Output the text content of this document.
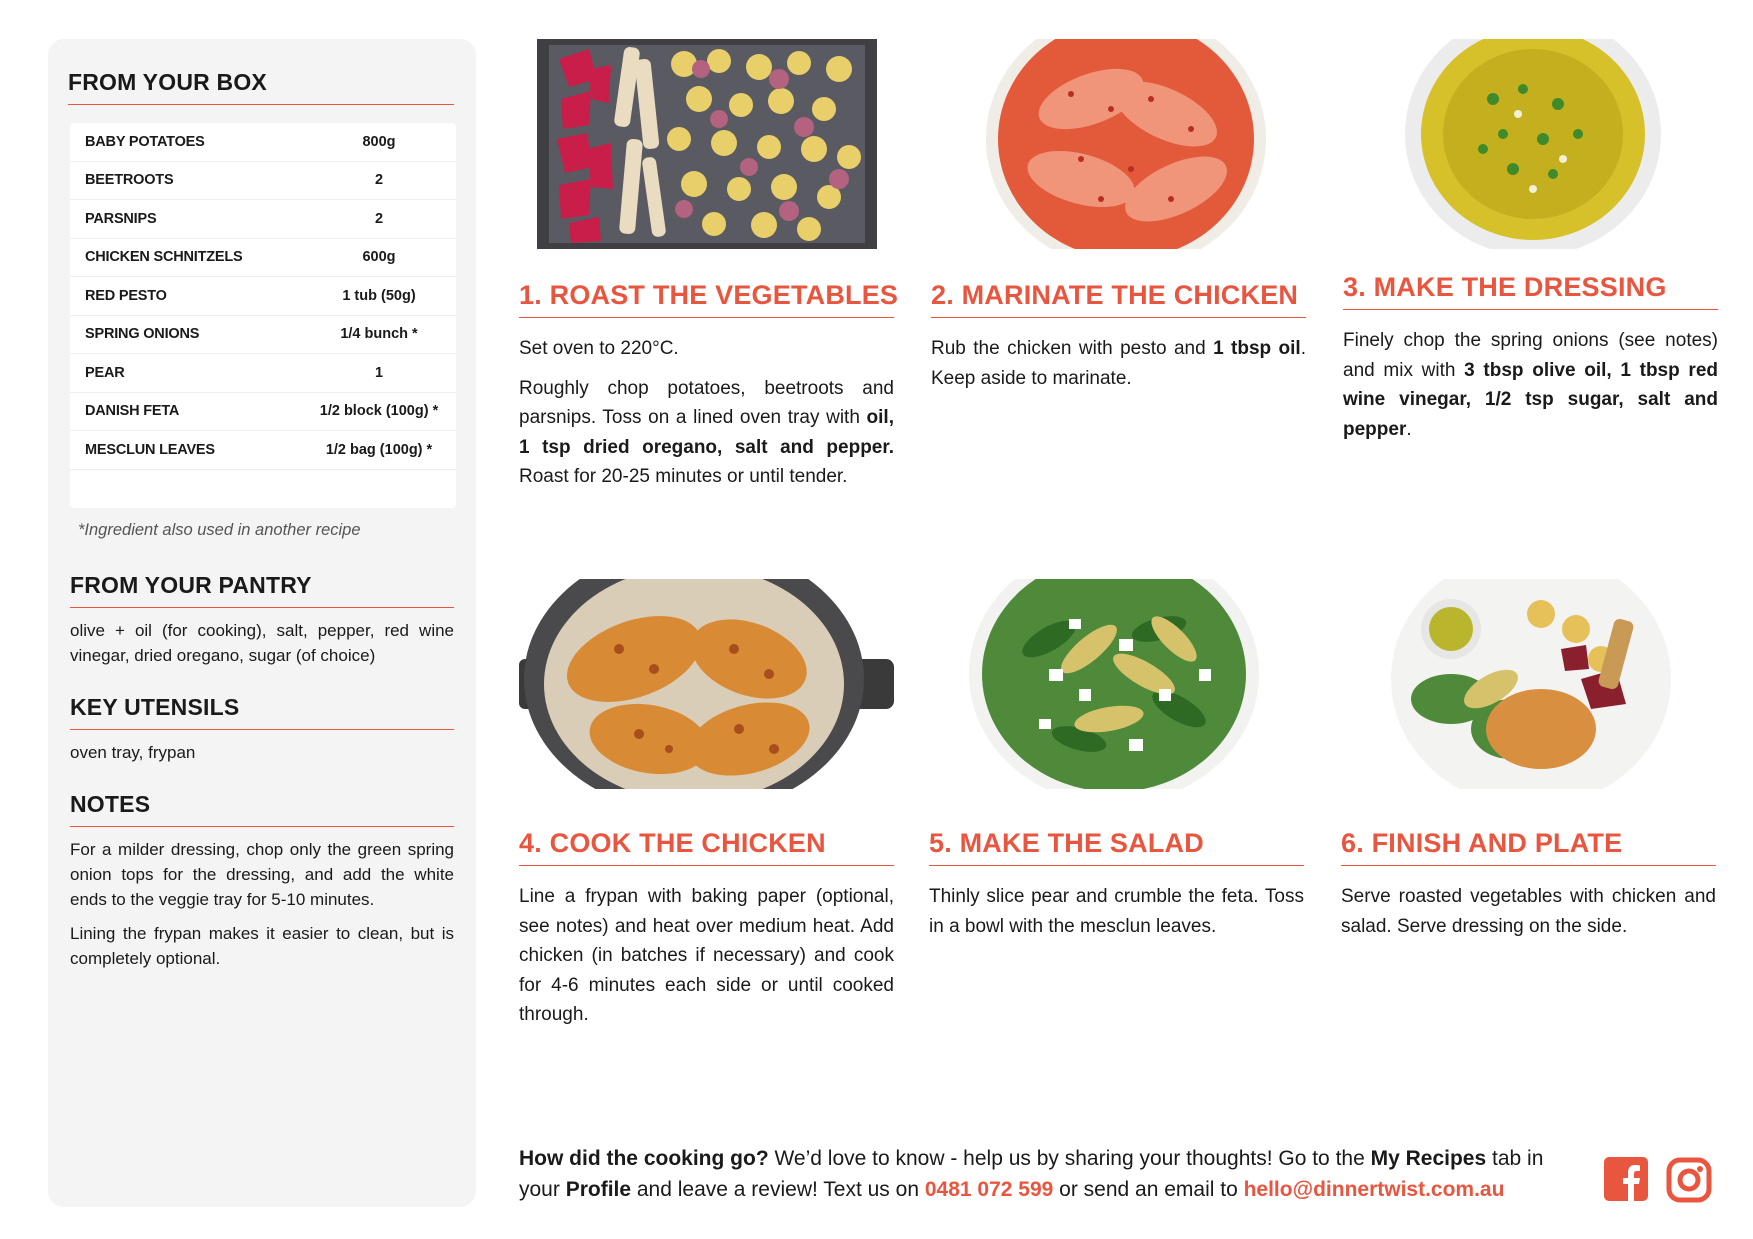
FROM YOUR BOX
BABY POTATOES	800g
BEETROOTS	2
PARSNIPS	2
CHICKEN SCHNITZELS	600g
RED PESTO	1 tub (50g)
SPRING ONIONS	1/4 bunch *
PEAR	1
DANISH FETA	1/2 block (100g) *
MESCLUN LEAVES	1/2 bag (100g) *
*Ingredient also used in another recipe
FROM YOUR PANTRY

olive + oil (for cooking), salt, pepper, red wine vinegar, dried oregano, sugar (of choice)

KEY UTENSILS

oven tray, frypan

NOTES

For a milder dressing, chop only the green spring onion tops for the dressing, and add the white ends to the veggie tray for 5-10 minutes.

Lining the frypan makes it easier to clean, but is completely optional.

1. ROAST THE VEGETABLES

Set oven to 220°C.

Roughly chop potatoes, beetroots and parsnips. Toss on a lined oven tray with oil, 1 tsp dried oregano, salt and pepper. Roast for 20-25 minutes or until tender.

2. MARINATE THE CHICKEN

Rub the chicken with pesto and 1 tbsp oil. Keep aside to marinate.

3. MAKE THE DRESSING

Finely chop the spring onions (see notes) and mix with 3 tbsp olive oil, 1 tbsp red wine vinegar, 1/2 tsp sugar, salt and pepper.

4. COOK THE CHICKEN

Line a frypan with baking paper (optional, see notes) and heat over medium heat. Add chicken (in batches if necessary) and cook for 4-6 minutes each side or until cooked through.

5. MAKE THE SALAD

Thinly slice pear and crumble the feta. Toss in a bowl with the mesclun leaves.

6. FINISH AND PLATE

Serve roasted vegetables with chicken and salad. Serve dressing on the side.

How did the cooking go? We’d love to know - help us by sharing your thoughts! Go to the My Recipes tab in your Profile and leave a review! Text us on 0481 072 599 or send an email to hello@dinnertwist.com.au
